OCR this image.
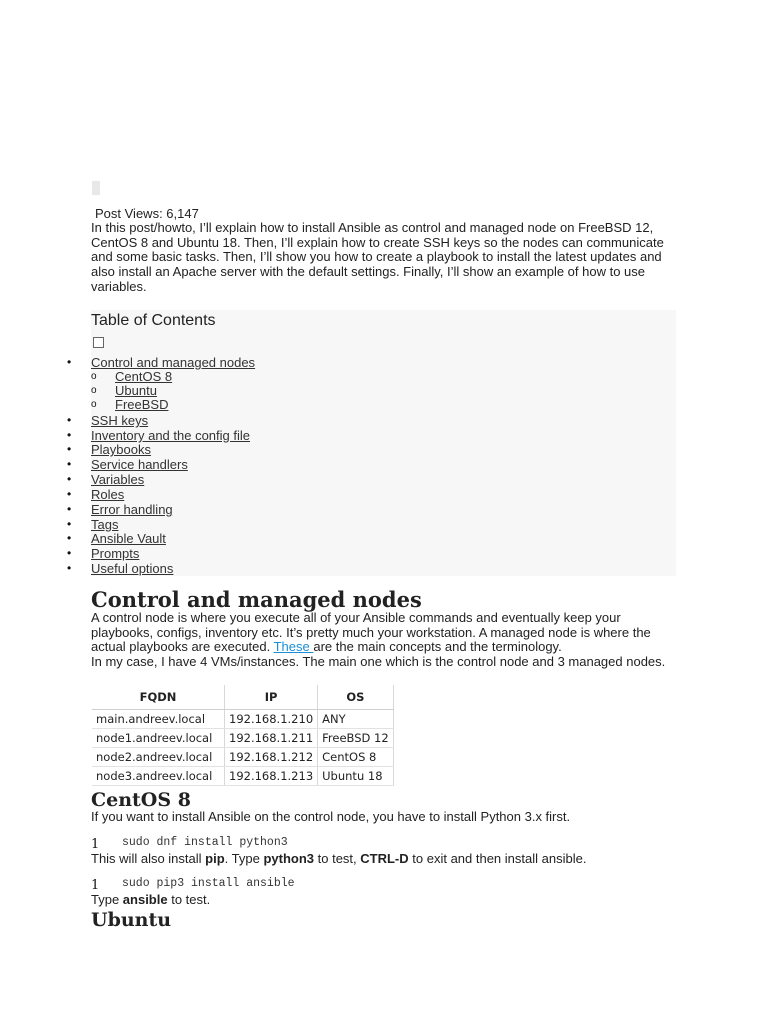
Post Views: 6,147

In this post/howto, I’ll explain how to install Ansible as control and managed node on FreeBSD 12, CentOS 8 and Ubuntu 18. Then, I’ll explain how to create SSH keys so the nodes can communicate and some basic tasks. Then, I’ll show you how to create a playbook to install the latest updates and also install an Apache server with the default settings. Finally, I’ll show an example of how to use variables.

Table of Contents
• Control and managed nodes
o CentOS 8
o Ubuntu
o FreeBSD
• SSH keys
• Inventory and the config file
• Playbooks
• Service handlers
• Variables
• Roles
• Error handling
• Tags
• Ansible Vault
• Prompts
• Useful options
Control and managed nodes

A control node is where you execute all of your Ansible commands and eventually keep your playbooks, configs, inventory etc. It’s pretty much your workstation. A managed node is where the actual playbooks are executed. These are the main concepts and the terminology.

In my case, I have 4 VMs/instances. The main one which is the control node and 3 managed nodes.

FQDN	IP	OS
main.andreev.local	192.168.1.210	ANY
node1.andreev.local	192.168.1.211	FreeBSD 12
node2.andreev.local	192.168.1.212	CentOS 8
node3.andreev.local	192.168.1.213	Ubuntu 18
CentOS 8

If you want to install Ansible on the control node, you have to install Python 3.x first.

1 sudo dnf install python3

This will also install pip. Type python3 to test, CTRL-D to exit and then install ansible.

1 sudo pip3 install ansible

Type ansible to test.

Ubuntu
